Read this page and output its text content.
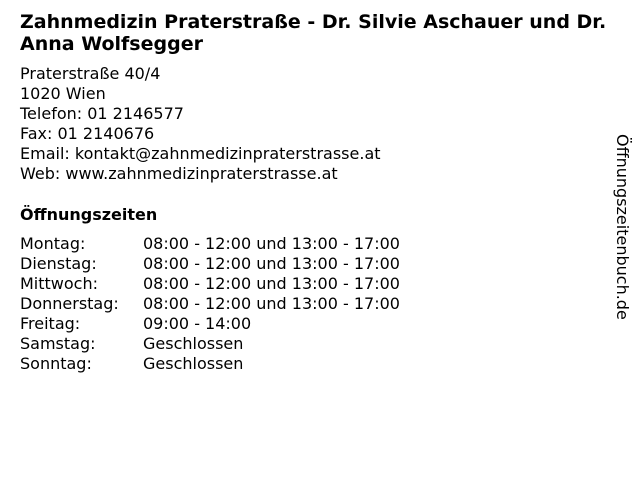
Zahnmedizin Praterstraße - Dr. Silvie Aschauer und Dr. Anna Wolfsegger
Praterstraße 40/4
1020 Wien
Telefon: 01 2146577
Fax: 01 2140676
Email: kontakt@zahnmedizinpraterstrasse.at
Web: www.zahnmedizinpraterstrasse.at
Öffnungszeiten
Montag:	08:00 - 12:00 und 13:00 - 17:00
Dienstag:	08:00 - 12:00 und 13:00 - 17:00
Mittwoch:	08:00 - 12:00 und 13:00 - 17:00
Donnerstag:	08:00 - 12:00 und 13:00 - 17:00
Freitag:	09:00 - 14:00
Samstag:	Geschlossen
Sonntag:	Geschlossen
Öffnungszeitenbuch.de
